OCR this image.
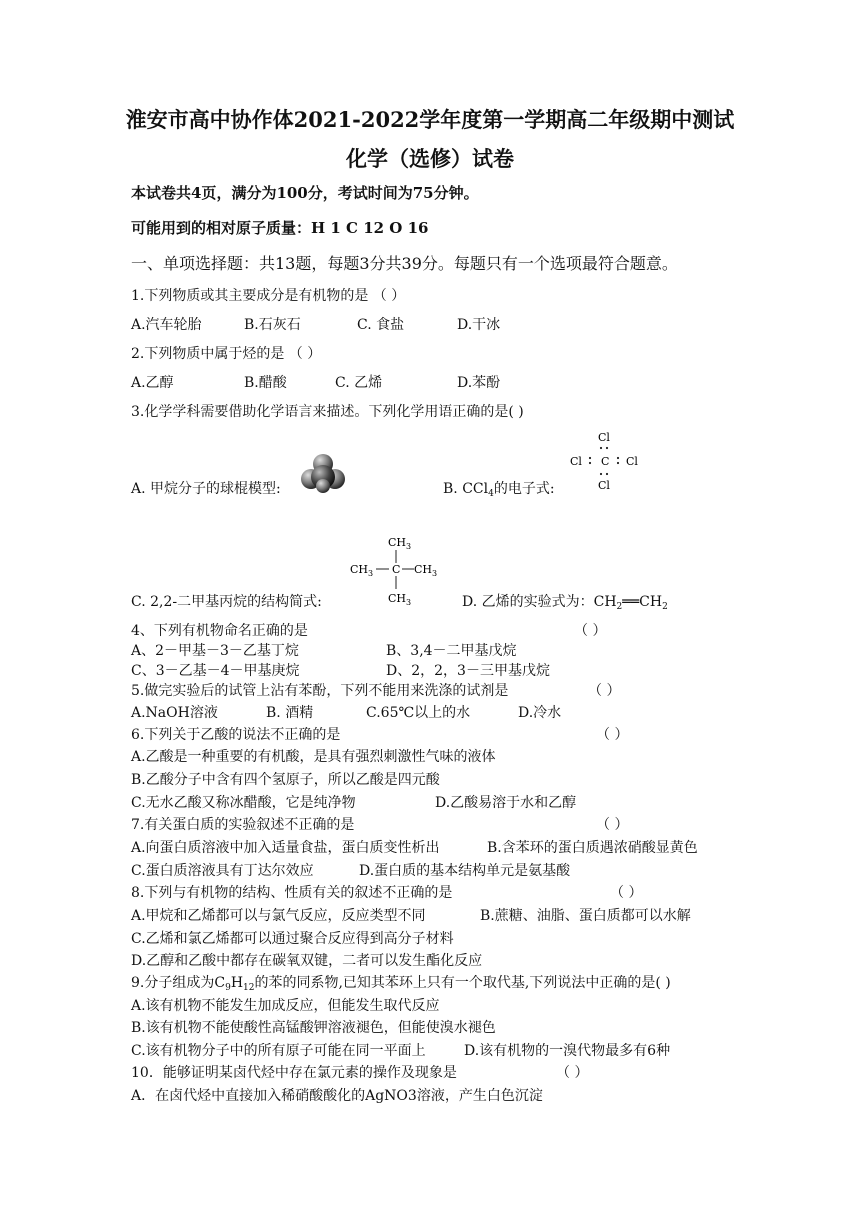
淮安市高中协作体2021-2022学年度第一学期高二年级期中测试
化学（选修）试卷
本试卷共4页，满分为100分，考试时间为75分钟。
可能用到的相对原子质量：H 1 C 12 O 16
一、单项选择题：共13题，每题3分共39分。每题只有一个选项最符合题意。
1.下列物质或其主要成分是有机物的是 （ ）
A.汽车轮胎	B.石灰石	C. 食盐	D.干冰
2.下列物质中属于烃的是 （ ）
A.乙醇	B.醋酸	C. 乙烯	D.苯酚
3.化学学科需要借助化学语言来描述。下列化学用语正确的是( )
A. 甲烷分子的球棍模型:	B. CCl$_4$的电子式:
Cl
Cl C Cl
Cl
$CH_3$
$CH_3$ C $CH_3$
$CH_3$
C. 2,2-二甲基丙烷的结构简式:	D. 乙烯的实验式为：$CH_2══CH_2$
4、下列有机物命名正确的是	（ ）
A、2－甲基－3－乙基丁烷	B、3,4－二甲基戊烷
C、3－乙基－4－甲基庚烷	D、2，2，3－三甲基戊烷
5.做完实验后的试管上沾有苯酚，下列不能用来洗涤的试剂是	（ ）
A.NaOH溶液	B. 酒精	C.65℃以上的水	D.冷水
6.下列关于乙酸的说法不正确的是	（ ）
A.乙酸是一种重要的有机酸，是具有强烈刺激性气味的液体
B.乙酸分子中含有四个氢原子，所以乙酸是四元酸
C.无水乙酸又称冰醋酸，它是纯净物	D.乙酸易溶于水和乙醇
7.有关蛋白质的实验叙述不正确的是	（ ）
A.向蛋白质溶液中加入适量食盐，蛋白质变性析出	B.含苯环的蛋白质遇浓硝酸显黄色
C.蛋白质溶液具有丁达尔效应	D.蛋白质的基本结构单元是氨基酸
8.下列与有机物的结构、性质有关的叙述不正确的是	（ ）
A.甲烷和乙烯都可以与氯气反应，反应类型不同	B.蔗糖、油脂、蛋白质都可以水解
C.乙烯和氯乙烯都可以通过聚合反应得到高分子材料
D.乙醇和乙酸中都存在碳氧双键，二者可以发生酯化反应
9.分子组成为$C_9H_{12}$的苯的同系物,已知其苯环上只有一个取代基,下列说法中正确的是( )
A.该有机物不能发生加成反应，但能发生取代反应
B.该有机物不能使酸性高锰酸钾溶液褪色，但能使溴水褪色
C.该有机物分子中的所有原子可能在同一平面上	D.该有机物的一溴代物最多有6种
10．能够证明某卤代烃中存在氯元素的操作及现象是	（ ）
A．在卤代烃中直接加入稀硝酸酸化的AgNO3溶液，产生白色沉淀
